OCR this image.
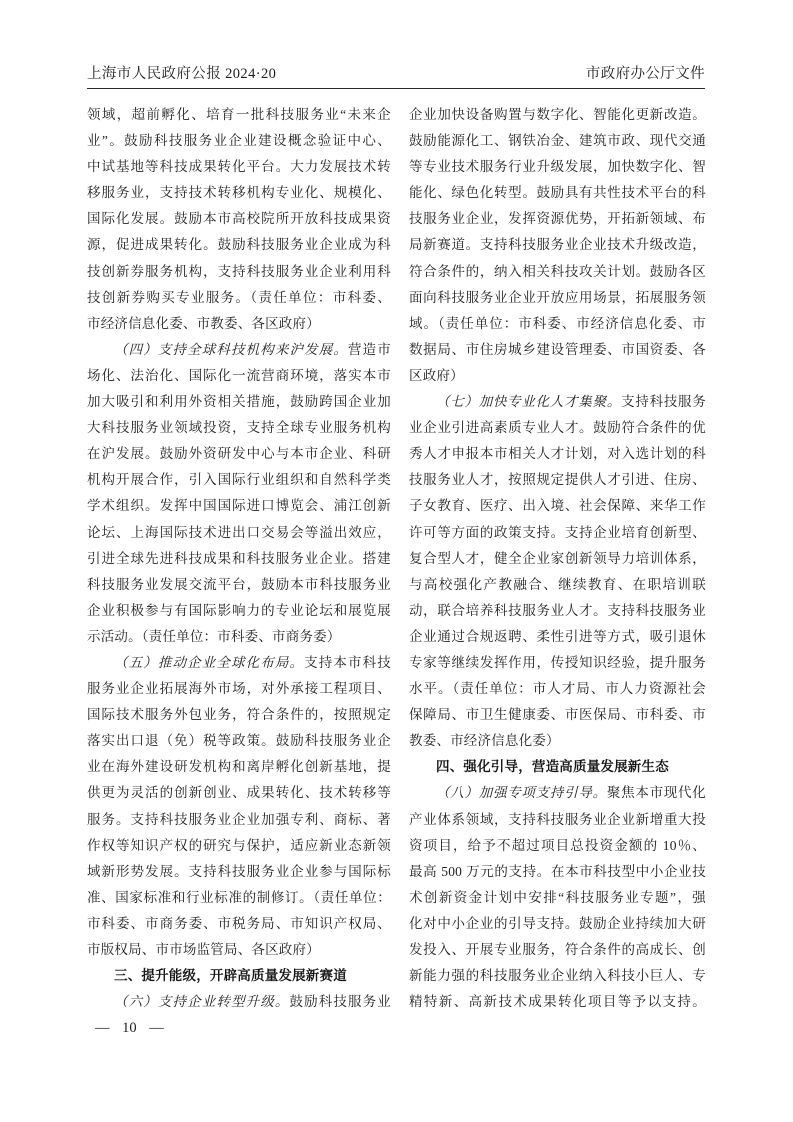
上海市人民政府公报 2024·20	市政府办公厅文件
领域，超前孵化、培育一批科技服务业“未来企
业”。鼓励科技服务业企业建设概念验证中心、
中试基地等科技成果转化平台。大力发展技术转
移服务业，支持技术转移机构专业化、规模化、
国际化发展。鼓励本市高校院所开放科技成果资
源，促进成果转化。鼓励科技服务业企业成为科
技创新券服务机构，支持科技服务业企业利用科
技创新券购买专业服务。（责任单位：市科委、
市经济信息化委、市教委、各区政府）
（四）支持全球科技机构来沪发展。营造市
场化、法治化、国际化一流营商环境，落实本市
加大吸引和利用外资相关措施，鼓励跨国企业加
大科技服务业领域投资，支持全球专业服务机构
在沪发展。鼓励外资研发中心与本市企业、科研
机构开展合作，引入国际行业组织和自然科学类
学术组织。发挥中国国际进口博览会、浦江创新
论坛、上海国际技术进出口交易会等溢出效应，
引进全球先进科技成果和科技服务业企业。搭建
科技服务业发展交流平台，鼓励本市科技服务业
企业积极参与有国际影响力的专业论坛和展览展
示活动。（责任单位：市科委、市商务委）
（五）推动企业全球化布局。支持本市科技
服务业企业拓展海外市场，对外承接工程项目、
国际技术服务外包业务，符合条件的，按照规定
落实出口退（免）税等政策。鼓励科技服务业企
业在海外建设研发机构和离岸孵化创新基地，提
供更为灵活的创新创业、成果转化、技术转移等
服务。支持科技服务业企业加强专利、商标、著
作权等知识产权的研究与保护，适应新业态新领
域新形势发展。支持科技服务业企业参与国际标
准、国家标准和行业标准的制修订。（责任单位：
市科委、市商务委、市税务局、市知识产权局、
市版权局、市市场监管局、各区政府）
三、提升能级，开辟高质量发展新赛道
（六）支持企业转型升级。鼓励科技服务业
企业加快设备购置与数字化、智能化更新改造。
鼓励能源化工、钢铁冶金、建筑市政、现代交通
等专业技术服务行业升级发展，加快数字化、智
能化、绿色化转型。鼓励具有共性技术平台的科
技服务业企业，发挥资源优势，开拓新领域、布
局新赛道。支持科技服务业企业技术升级改造，
符合条件的，纳入相关科技攻关计划。鼓励各区
面向科技服务业企业开放应用场景，拓展服务领
域。（责任单位：市科委、市经济信息化委、市
数据局、市住房城乡建设管理委、市国资委、各
区政府）
（七）加快专业化人才集聚。支持科技服务
业企业引进高素质专业人才。鼓励符合条件的优
秀人才申报本市相关人才计划，对入选计划的科
技服务业人才，按照规定提供人才引进、住房、
子女教育、医疗、出入境、社会保障、来华工作
许可等方面的政策支持。支持企业培育创新型、
复合型人才，健全企业家创新领导力培训体系，
与高校强化产教融合、继续教育、在职培训联
动，联合培养科技服务业人才。支持科技服务业
企业通过合规返聘、柔性引进等方式，吸引退休
专家等继续发挥作用，传授知识经验，提升服务
水平。（责任单位：市人才局、市人力资源社会
保障局、市卫生健康委、市医保局、市科委、市
教委、市经济信息化委）
四、强化引导，营造高质量发展新生态
（八）加强专项支持引导。聚焦本市现代化
产业体系领域，支持科技服务业企业新增重大投
资项目，给予不超过项目总投资金额的 10％、
最高 500 万元的支持。在本市科技型中小企业技
术创新资金计划中安排“科技服务业专题”，强
化对中小企业的引导支持。鼓励企业持续加大研
发投入、开展专业服务，符合条件的高成长、创
新能力强的科技服务业企业纳入科技小巨人、专
精特新、高新技术成果转化项目等予以支持。
— 10 —
